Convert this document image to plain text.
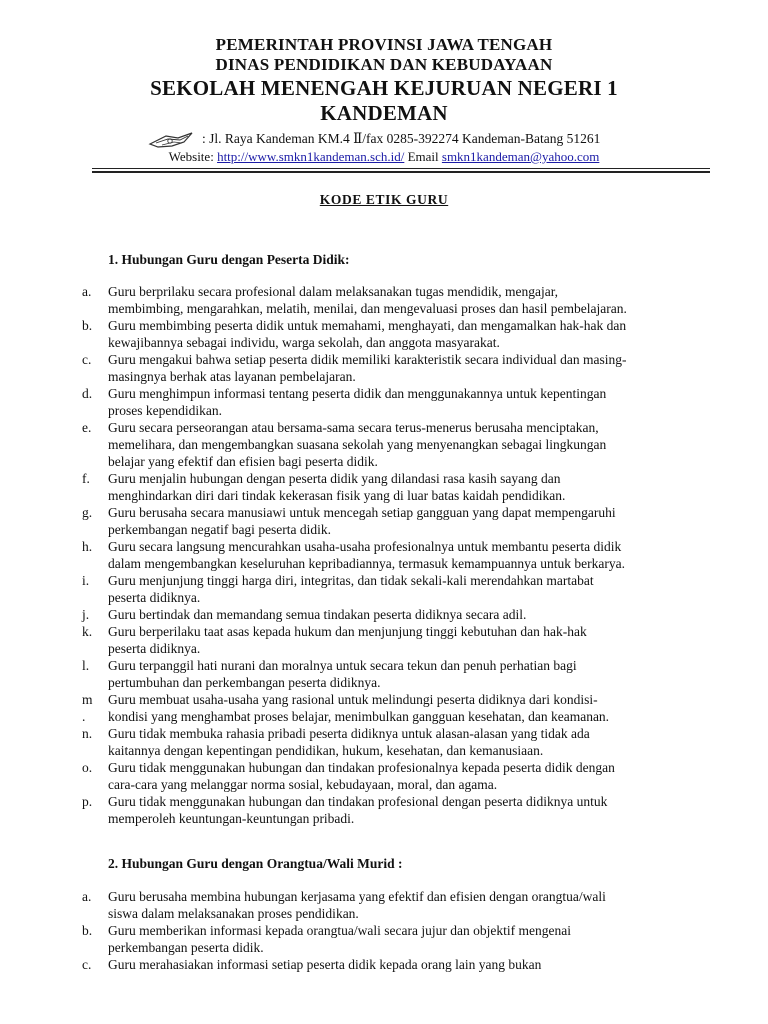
PEMERINTAH PROVINSI JAWA TENGAH
DINAS PENDIDIKAN DAN KEBUDAYAAN
SEKOLAH MENENGAH KEJURUAN NEGERI 1
KANDEMAN
: Jl. Raya Kandeman KM.4 Ⅱ/fax 0285-392274 Kandeman-Batang 51261
Website: http://www.smkn1kandeman.sch.id/ Email smkn1kandeman@yahoo.com
KODE ETIK GURU
1. Hubungan Guru dengan Peserta Didik:
a.	Guru berprilaku secara profesional dalam melaksanakan tugas mendidik, mengajar,
membimbing, mengarahkan, melatih, menilai, dan mengevaluasi proses dan hasil pembelajaran.
b.	Guru membimbing peserta didik untuk memahami, menghayati, dan mengamalkan hak-hak dan
kewajibannya sebagai individu, warga sekolah, dan anggota masyarakat.
c.	Guru mengakui bahwa setiap peserta didik memiliki karakteristik secara individual dan masing-
masingnya berhak atas layanan pembelajaran.
d.	Guru menghimpun informasi tentang peserta didik dan menggunakannya untuk kepentingan
proses kependidikan.
e.	Guru secara perseorangan atau bersama-sama secara terus-menerus berusaha menciptakan,
memelihara, dan mengembangkan suasana sekolah yang menyenangkan sebagai lingkungan
belajar yang efektif dan efisien bagi peserta didik.
f.	Guru menjalin hubungan dengan peserta didik yang dilandasi rasa kasih sayang dan
menghindarkan diri dari tindak kekerasan fisik yang di luar batas kaidah pendidikan.
g.	Guru berusaha secara manusiawi untuk mencegah setiap gangguan yang dapat mempengaruhi
perkembangan negatif bagi peserta didik.
h.	Guru secara langsung mencurahkan usaha-usaha profesionalnya untuk membantu peserta didik
dalam mengembangkan keseluruhan kepribadiannya, termasuk kemampuannya untuk berkarya.
i.	Guru menjunjung tinggi harga diri, integritas, dan tidak sekali-kali merendahkan martabat
peserta didiknya.
j.	Guru bertindak dan memandang semua tindakan peserta didiknya secara adil.
k.	Guru berperilaku taat asas kepada hukum dan menjunjung tinggi kebutuhan dan hak-hak
peserta didiknya.
l.	Guru terpanggil hati nurani dan moralnya untuk secara tekun dan penuh perhatian bagi
pertumbuhan dan perkembangan peserta didiknya.
m
.
Guru membuat usaha-usaha yang rasional untuk melindungi peserta didiknya dari kondisi-
kondisi yang menghambat proses belajar, menimbulkan gangguan kesehatan, dan keamanan.
n.	Guru tidak membuka rahasia pribadi peserta didiknya untuk alasan-alasan yang tidak ada
kaitannya dengan kepentingan pendidikan, hukum, kesehatan, dan kemanusiaan.
o.	Guru tidak menggunakan hubungan dan tindakan profesionalnya kepada peserta didik dengan
cara-cara yang melanggar norma sosial, kebudayaan, moral, dan agama.
p.	Guru tidak menggunakan hubungan dan tindakan profesional dengan peserta didiknya untuk
memperoleh keuntungan-keuntungan pribadi.
2. Hubungan Guru dengan Orangtua/Wali Murid :
a.	Guru berusaha membina hubungan kerjasama yang efektif dan efisien dengan orangtua/wali
siswa dalam melaksanakan proses pendidikan.
b.	Guru memberikan informasi kepada orangtua/wali secara jujur dan objektif mengenai
perkembangan peserta didik.
c.	Guru merahasiakan informasi setiap peserta didik kepada orang lain yang bukan
